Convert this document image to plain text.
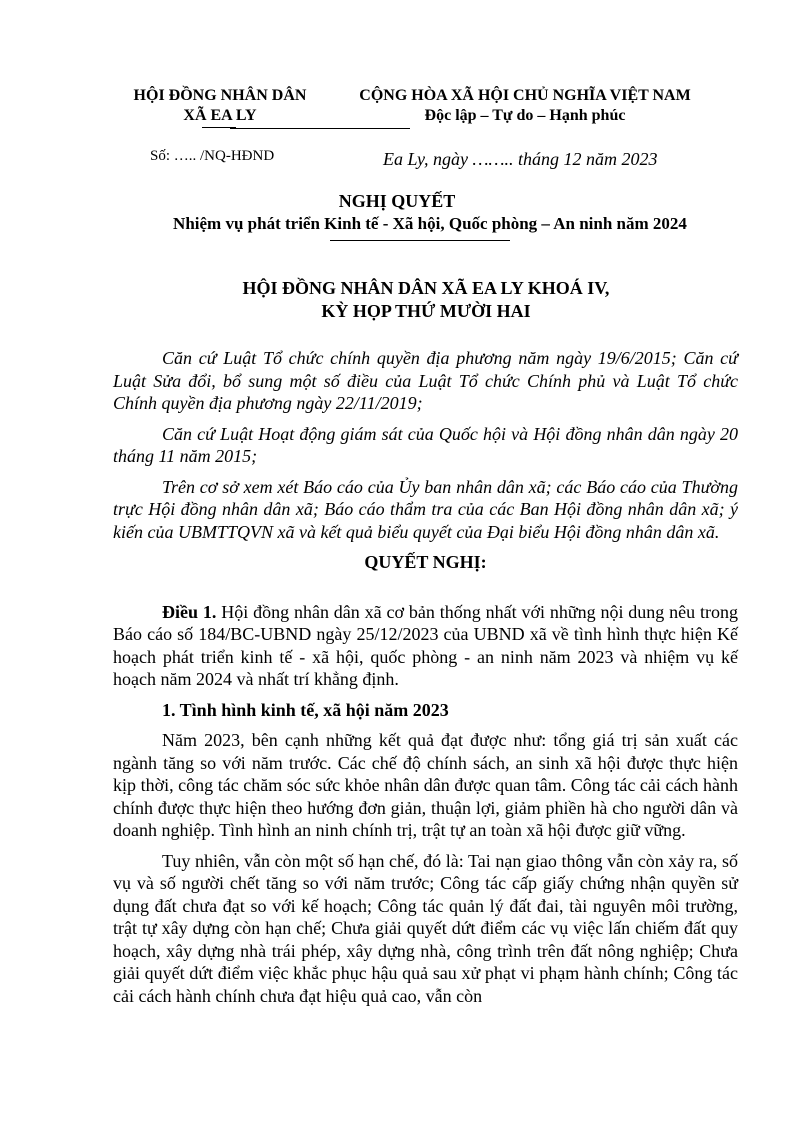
HỘI ĐỒNG NHÂN DÂN
XÃ EA LY
CỘNG HÒA XÃ HỘI CHỦ NGHĨA VIỆT NAM
Độc lập – Tự do – Hạnh phúc
Số: ….. /NQ-HĐND	Ea Ly, ngày …….. tháng 12 năm 2023
NGHỊ QUYẾT
Nhiệm vụ phát triển Kinh tế - Xã hội, Quốc phòng – An ninh năm 2024
HỘI ĐỒNG NHÂN DÂN XÃ EA LY KHOÁ IV,
KỲ HỌP THỨ MƯỜI HAI

Căn cứ Luật Tổ chức chính quyền địa phương năm ngày 19/6/2015; Căn cứ Luật Sửa đổi, bổ sung một số điều của Luật Tổ chức Chính phủ và Luật Tổ chức Chính quyền địa phương ngày 22/11/2019;

Căn cứ Luật Hoạt động giám sát của Quốc hội và Hội đồng nhân dân ngày 20 tháng 11 năm 2015;

Trên cơ sở xem xét Báo cáo của Ủy ban nhân dân xã; các Báo cáo của Thường trực Hội đồng nhân dân xã; Báo cáo thẩm tra của các Ban Hội đồng nhân dân xã; ý kiến của UBMTTQVN xã và kết quả biểu quyết của Đại biểu Hội đồng nhân dân xã.

QUYẾT NGHỊ:

Điều 1. Hội đồng nhân dân xã cơ bản thống nhất với những nội dung nêu trong Báo cáo số 184/BC-UBND ngày 25/12/2023 của UBND xã về tình hình thực hiện Kế hoạch phát triển kinh tế - xã hội, quốc phòng - an ninh năm 2023 và nhiệm vụ kế hoạch năm 2024 và nhất trí khẳng định.

1. Tình hình kinh tế, xã hội năm 2023

Năm 2023, bên cạnh những kết quả đạt được như: tổng giá trị sản xuất các ngành tăng so với năm trước. Các chế độ chính sách, an sinh xã hội được thực hiện kịp thời, công tác chăm sóc sức khỏe nhân dân được quan tâm. Công tác cải cách hành chính được thực hiện theo hướng đơn giản, thuận lợi, giảm phiền hà cho người dân và doanh nghiệp. Tình hình an ninh chính trị, trật tự an toàn xã hội được giữ vững.

Tuy nhiên, vẫn còn một số hạn chế, đó là: Tai nạn giao thông vẫn còn xảy ra, số vụ và số người chết tăng so với năm trước; Công tác cấp giấy chứng nhận quyền sử dụng đất chưa đạt so với kế hoạch; Công tác quản lý đất đai, tài nguyên môi trường, trật tự xây dựng còn hạn chế; Chưa giải quyết dứt điểm các vụ việc lấn chiếm đất quy hoạch, xây dựng nhà trái phép, xây dựng nhà, công trình trên đất nông nghiệp; Chưa giải quyết dứt điểm việc khắc phục hậu quả sau xử phạt vi phạm hành chính; Công tác cải cách hành chính chưa đạt hiệu quả cao, vẫn còn
